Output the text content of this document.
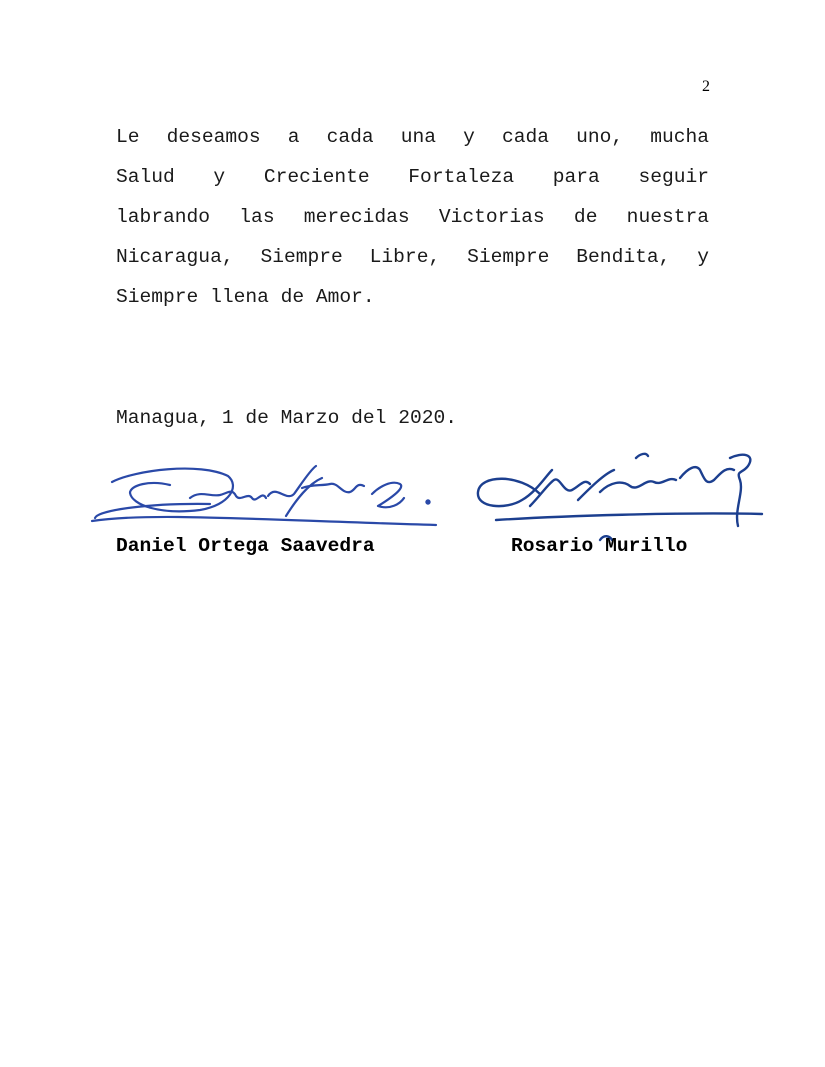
2
Le deseamos a cada una y cada uno, mucha
Salud y Creciente Fortaleza para seguir
labrando las merecidas Victorias de nuestra
Nicaragua, Siempre Libre, Siempre Bendita, y
Siempre llena de Amor.
Managua, 1 de Marzo del 2020.
Daniel Ortega Saavedra	Rosario Murillo
